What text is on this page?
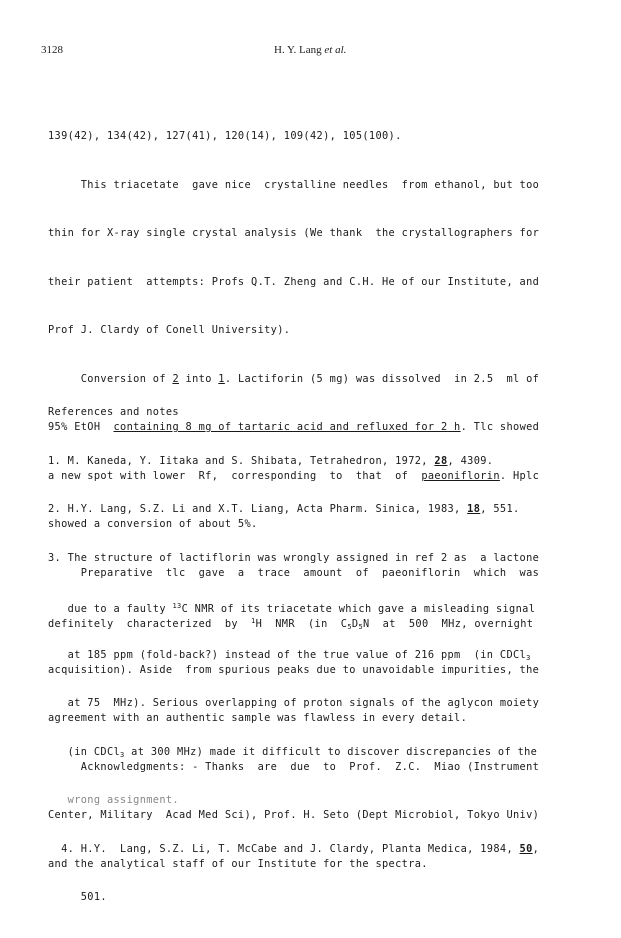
3128	H. Y. Lang et al.

139(42), 134(42), 127(41), 120(14), 109(42), 105(100).

This triacetate  gave nice  crystalline needles  from ethanol, but too

thin for X-ray single crystal analysis (We thank  the crystallographers for

their patient  attempts: Profs Q.T. Zheng and C.H. He of our Institute, and

Prof J. Clardy of Conell University).

Conversion of 2 into 1. Lactiforin (5 mg) was dissolved  in 2.5  ml of

95% EtOH  containing 8 mg of tartaric acid and refluxed for 2 h. Tlc showed

a new spot with lower  Rf,  corresponding  to  that  of  paeoniflorin. Hplc

showed a conversion of about 5%.

Preparative  tlc  gave  a  trace  amount  of  paeoniflorin  which  was

definitely  characterized  by  $^1$H  NMR  (in  $C_5D_5N$  at  500  MHz, overnight

acquisition). Aside  from spurious peaks due to unavoidable impurities, the

agreement with an authentic sample was flawless in every detail.

Acknowledgments: - Thanks  are  due  to  Prof.  Z.C.  Miao (Instrument

Center, Military  Acad Med Sci), Prof. H. Seto (Dept Microbiol, Tokyo Univ)

and the analytical staff of our Institute for the spectra.

References and notes

1. M. Kaneda, Y. Iitaka and S. Shibata, Tetrahedron, 1972, 28, 4309.

2. H.Y. Lang, S.Z. Li and X.T. Liang, Acta Pharm. Sinica, 1983, 18, 551.

3. The structure of lactiflorin was wrongly assigned in ref 2 as  a lactone

due to a faulty $^{13}$C NMR of its triacetate which gave a misleading signal

at 185 ppm (fold-back?) instead of the true value of 216 ppm  (in CDCl$_3$

at 75  MHz). Serious overlapping of proton signals of the aglycon moiety

(in CDCl$_3$ at 300 MHz) made it difficult to discover discrepancies of the

wrong assignment.

4. H.Y.  Lang, S.Z. Li, T. McCabe and J. Clardy, Planta Medica, 1984, 50,

501.
